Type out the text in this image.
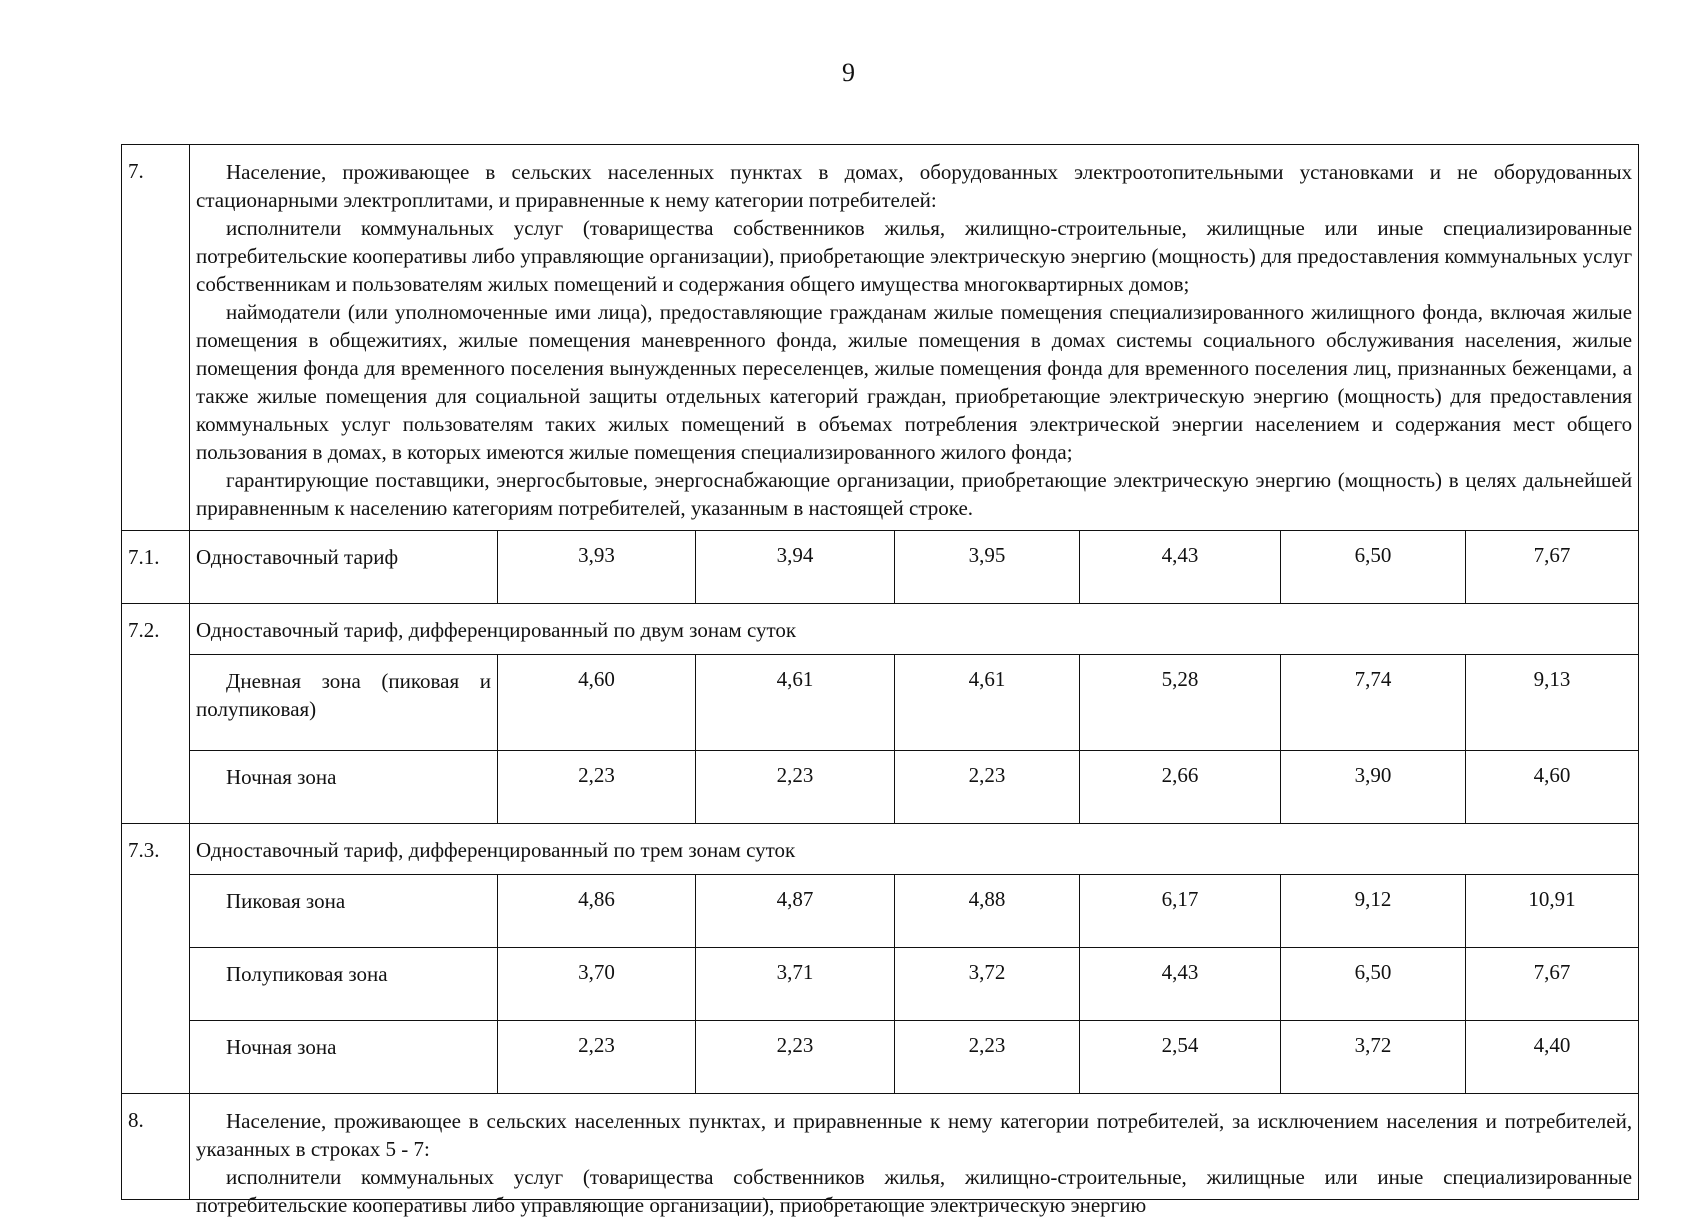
9
7.	Население, проживающее в сельских населенных пунктах в домах, оборудованных электроотопительными установками и не оборудованных стационарными электроплитами, и приравненные к нему категории потребителей:

исполнители коммунальных услуг (товарищества собственников жилья, жилищно-строительные, жилищные или иные специализированные потребительские кооперативы либо управляющие организации), приобретающие электрическую энергию (мощность) для предоставления коммунальных услуг собственникам и пользователям жилых помещений и содержания общего имущества многоквартирных домов;

наймодатели (или уполномоченные ими лица), предоставляющие гражданам жилые помещения специализированного жилищного фонда, включая жилые помещения в общежитиях, жилые помещения маневренного фонда, жилые помещения в домах системы социального обслуживания населения, жилые помещения фонда для временного поселения вынужденных переселенцев, жилые помещения фонда для временного поселения лиц, признанных беженцами, а также жилые помещения для социальной защиты отдельных категорий граждан, приобретающие электрическую энергию (мощность) для предоставления коммунальных услуг пользователям таких жилых помещений в объемах потребления электрической энергии населением и содержания мест общего пользования в домах, в которых имеются жилые помещения специализированного жилого фонда;

гарантирующие поставщики, энергосбытовые, энергоснабжающие организации, приобретающие электрическую энергию (мощность) в целях дальнейшей приравненным к населению категориям потребителей, указанным в настоящей строке.						

7.1.	Одноставочный тариф	3,93	3,94	3,95	4,43	6,50	7,67
7.2.	Одноставочный тариф, дифференцированный по двум зонам суток						
	Дневная зона (пиковая и полупиковая)	4,60	4,61	4,61	5,28	7,74	9,13
	Ночная зона	2,23	2,23	2,23	2,66	3,90	4,60
7.3.	Одноставочный тариф, дифференцированный по трем зонам суток						
	Пиковая зона	4,86	4,87	4,88	6,17	9,12	10,91
	Полупиковая зона	3,70	3,71	3,72	4,43	6,50	7,67
	Ночная зона	2,23	2,23	2,23	2,54	3,72	4,40
8.	Население, проживающее в сельских населенных пунктах, и приравненные к нему категории потребителей, за исключением населения и потребителей, указанных в строках 5 - 7:

исполнители коммунальных услуг (товарищества собственников жилья, жилищно-строительные, жилищные или иные специализированные потребительские кооперативы либо управляющие организации), приобретающие электрическую энергию						
